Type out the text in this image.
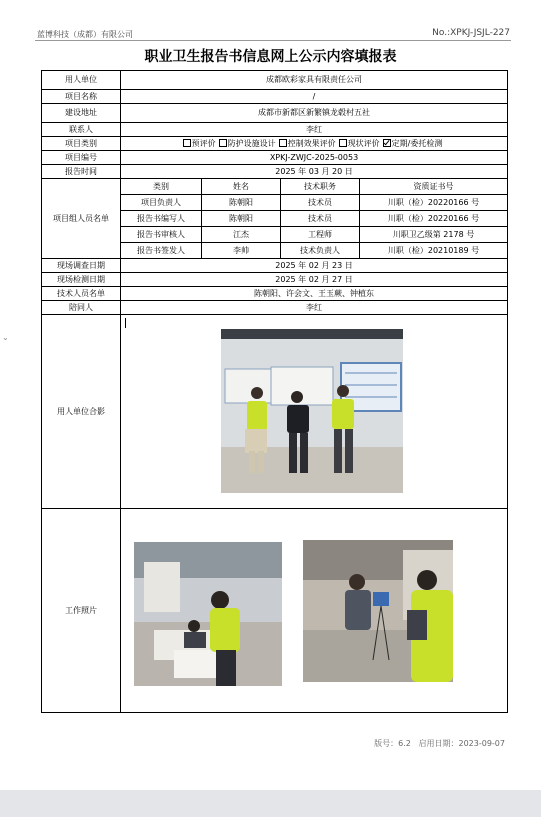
蓝博科技（成都）有限公司	No.:XPKJ-JSJL-227
职业卫生报告书信息网上公示内容填报表
⌄
用人单位	成都欧彩家具有限责任公司			
项目名称	/			
建设地址	成都市新都区新繁镇龙毂村五社			
联系人	李红			
项目类别	预评价 防护设施设计 控制效果评价 现状评价 定期/委托检测			
项目编号	XPKJ-ZWJC-2025-0053			
报告时间	2025 年 03 月 20 日			
项目组人员名单	类别	姓名	技术职务	资质证书号
	项目负责人	陈朝阳	技术员	川职（检）20220166 号
	报告书编写人	陈朝阳	技术员	川职（检）20220166 号
	报告书审核人	江杰	工程师	川职卫乙级第 2178 号
	报告书签发人	李帅	技术负责人	川职（检）20210189 号
现场调查日期	2025 年 02 月 23 日			
现场检测日期	2025 年 02 月 27 日			
技术人员名单	陈朝阳、许会文、王玉蕨、钟植东			
陪同人	李红			
用人单位合影	

工作照片	
版号：6.2 启用日期：2023-09-07
